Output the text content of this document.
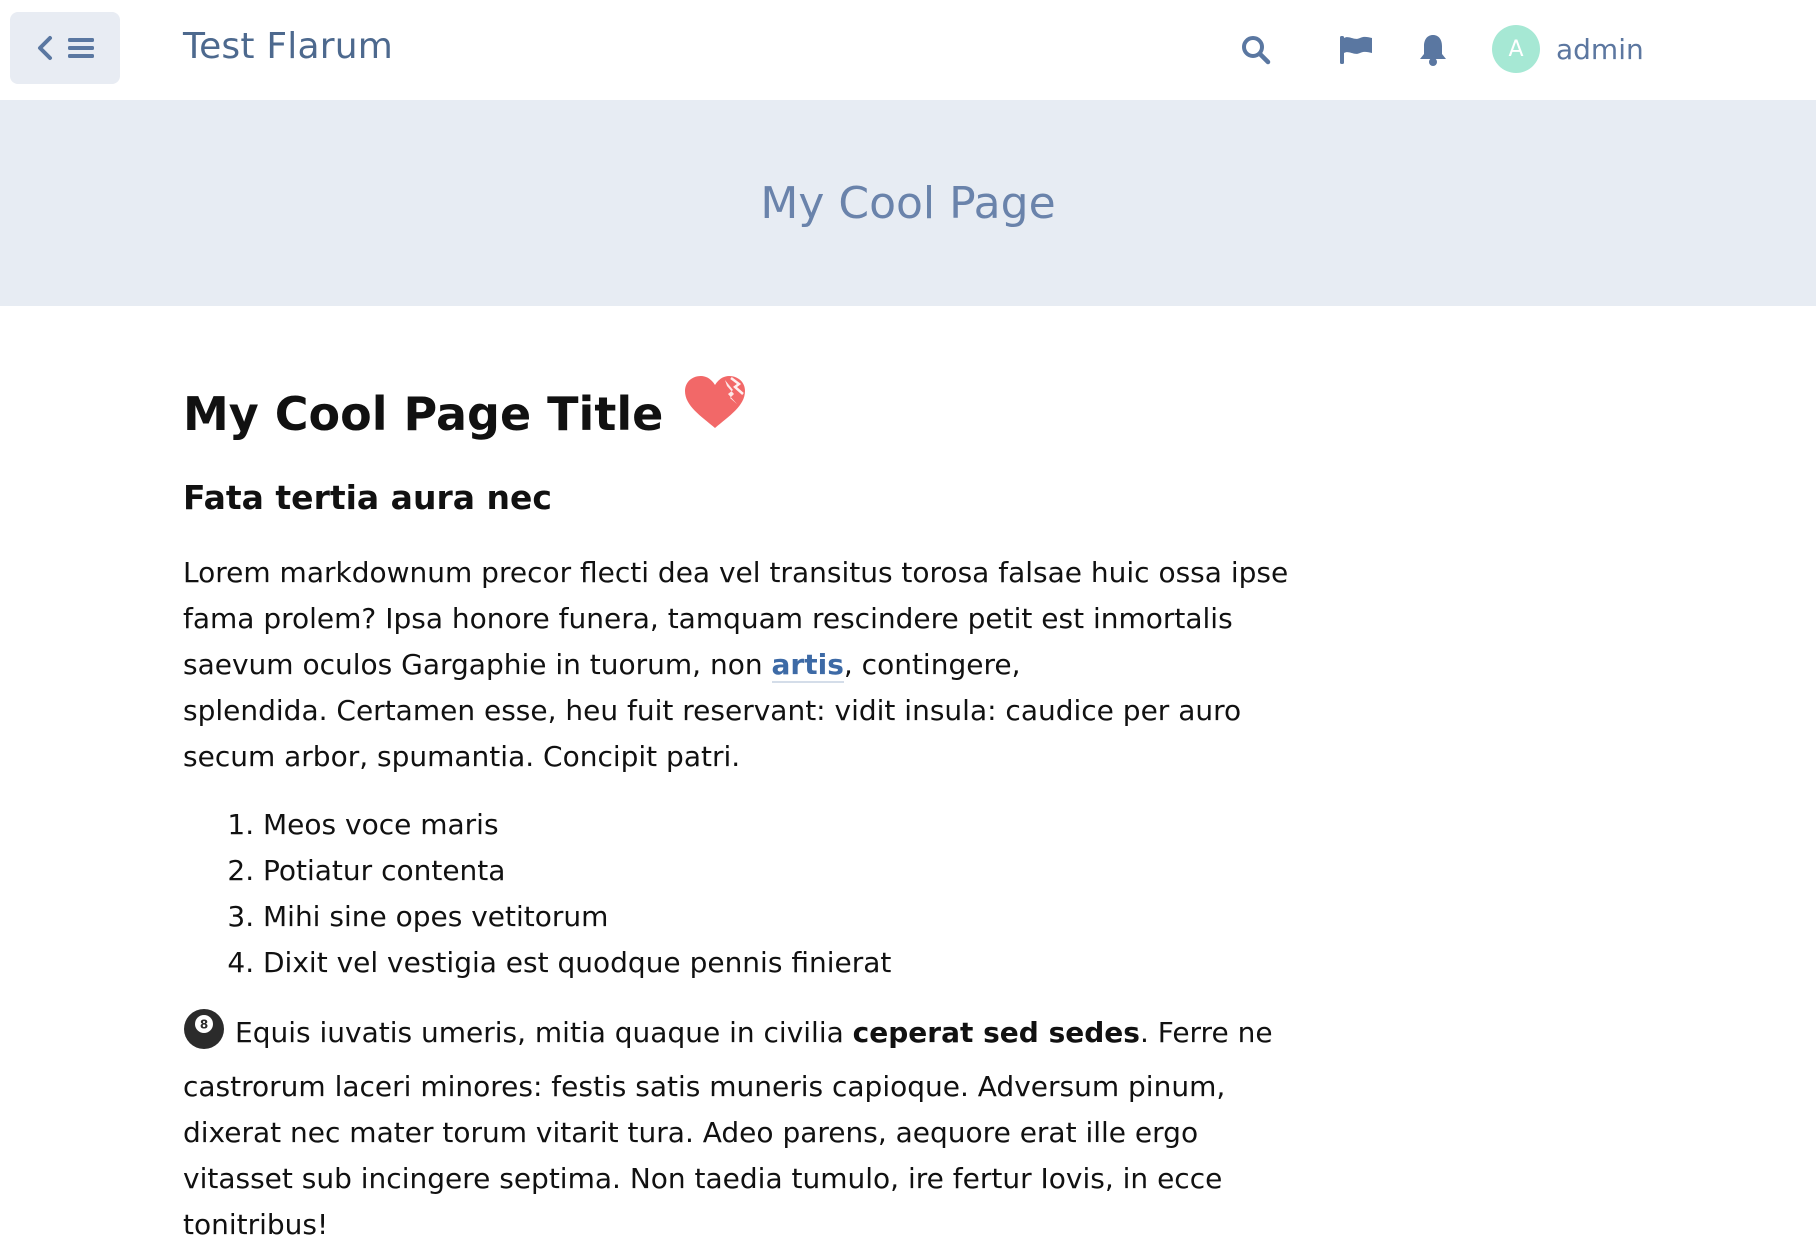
Test Flarum	A	admin
My Cool Page
My Cool Page Title
Fata tertia aura nec

Lorem markdownum precor flecti dea vel transitus torosa falsae huic ossa ipse fama prolem? Ipsa honore funera, tamquam rescindere petit est inmortalis saevum oculos Gargaphie in tuorum, non artis, contingere,
splendida. Certamen esse, heu fuit reservant: vidit insula: caudice per auro secum arbor, spumantia. Concipit patri.

1. Meos voce maris
2. Potiatur contenta
3. Mihi sine opes vetitorum
4. Dixit vel vestigia est quodque pennis finierat

8 Equis iuvatis umeris, mitia quaque in civilia ceperat sed sedes. Ferre ne castrorum laceri minores: festis satis muneris capioque. Adversum pinum, dixerat nec mater torum vitarit tura. Adeo parens, aequore erat ille ergo vitasset sub incingere septima. Non taedia tumulo, ire fertur Iovis, in ecce tonitribus!
